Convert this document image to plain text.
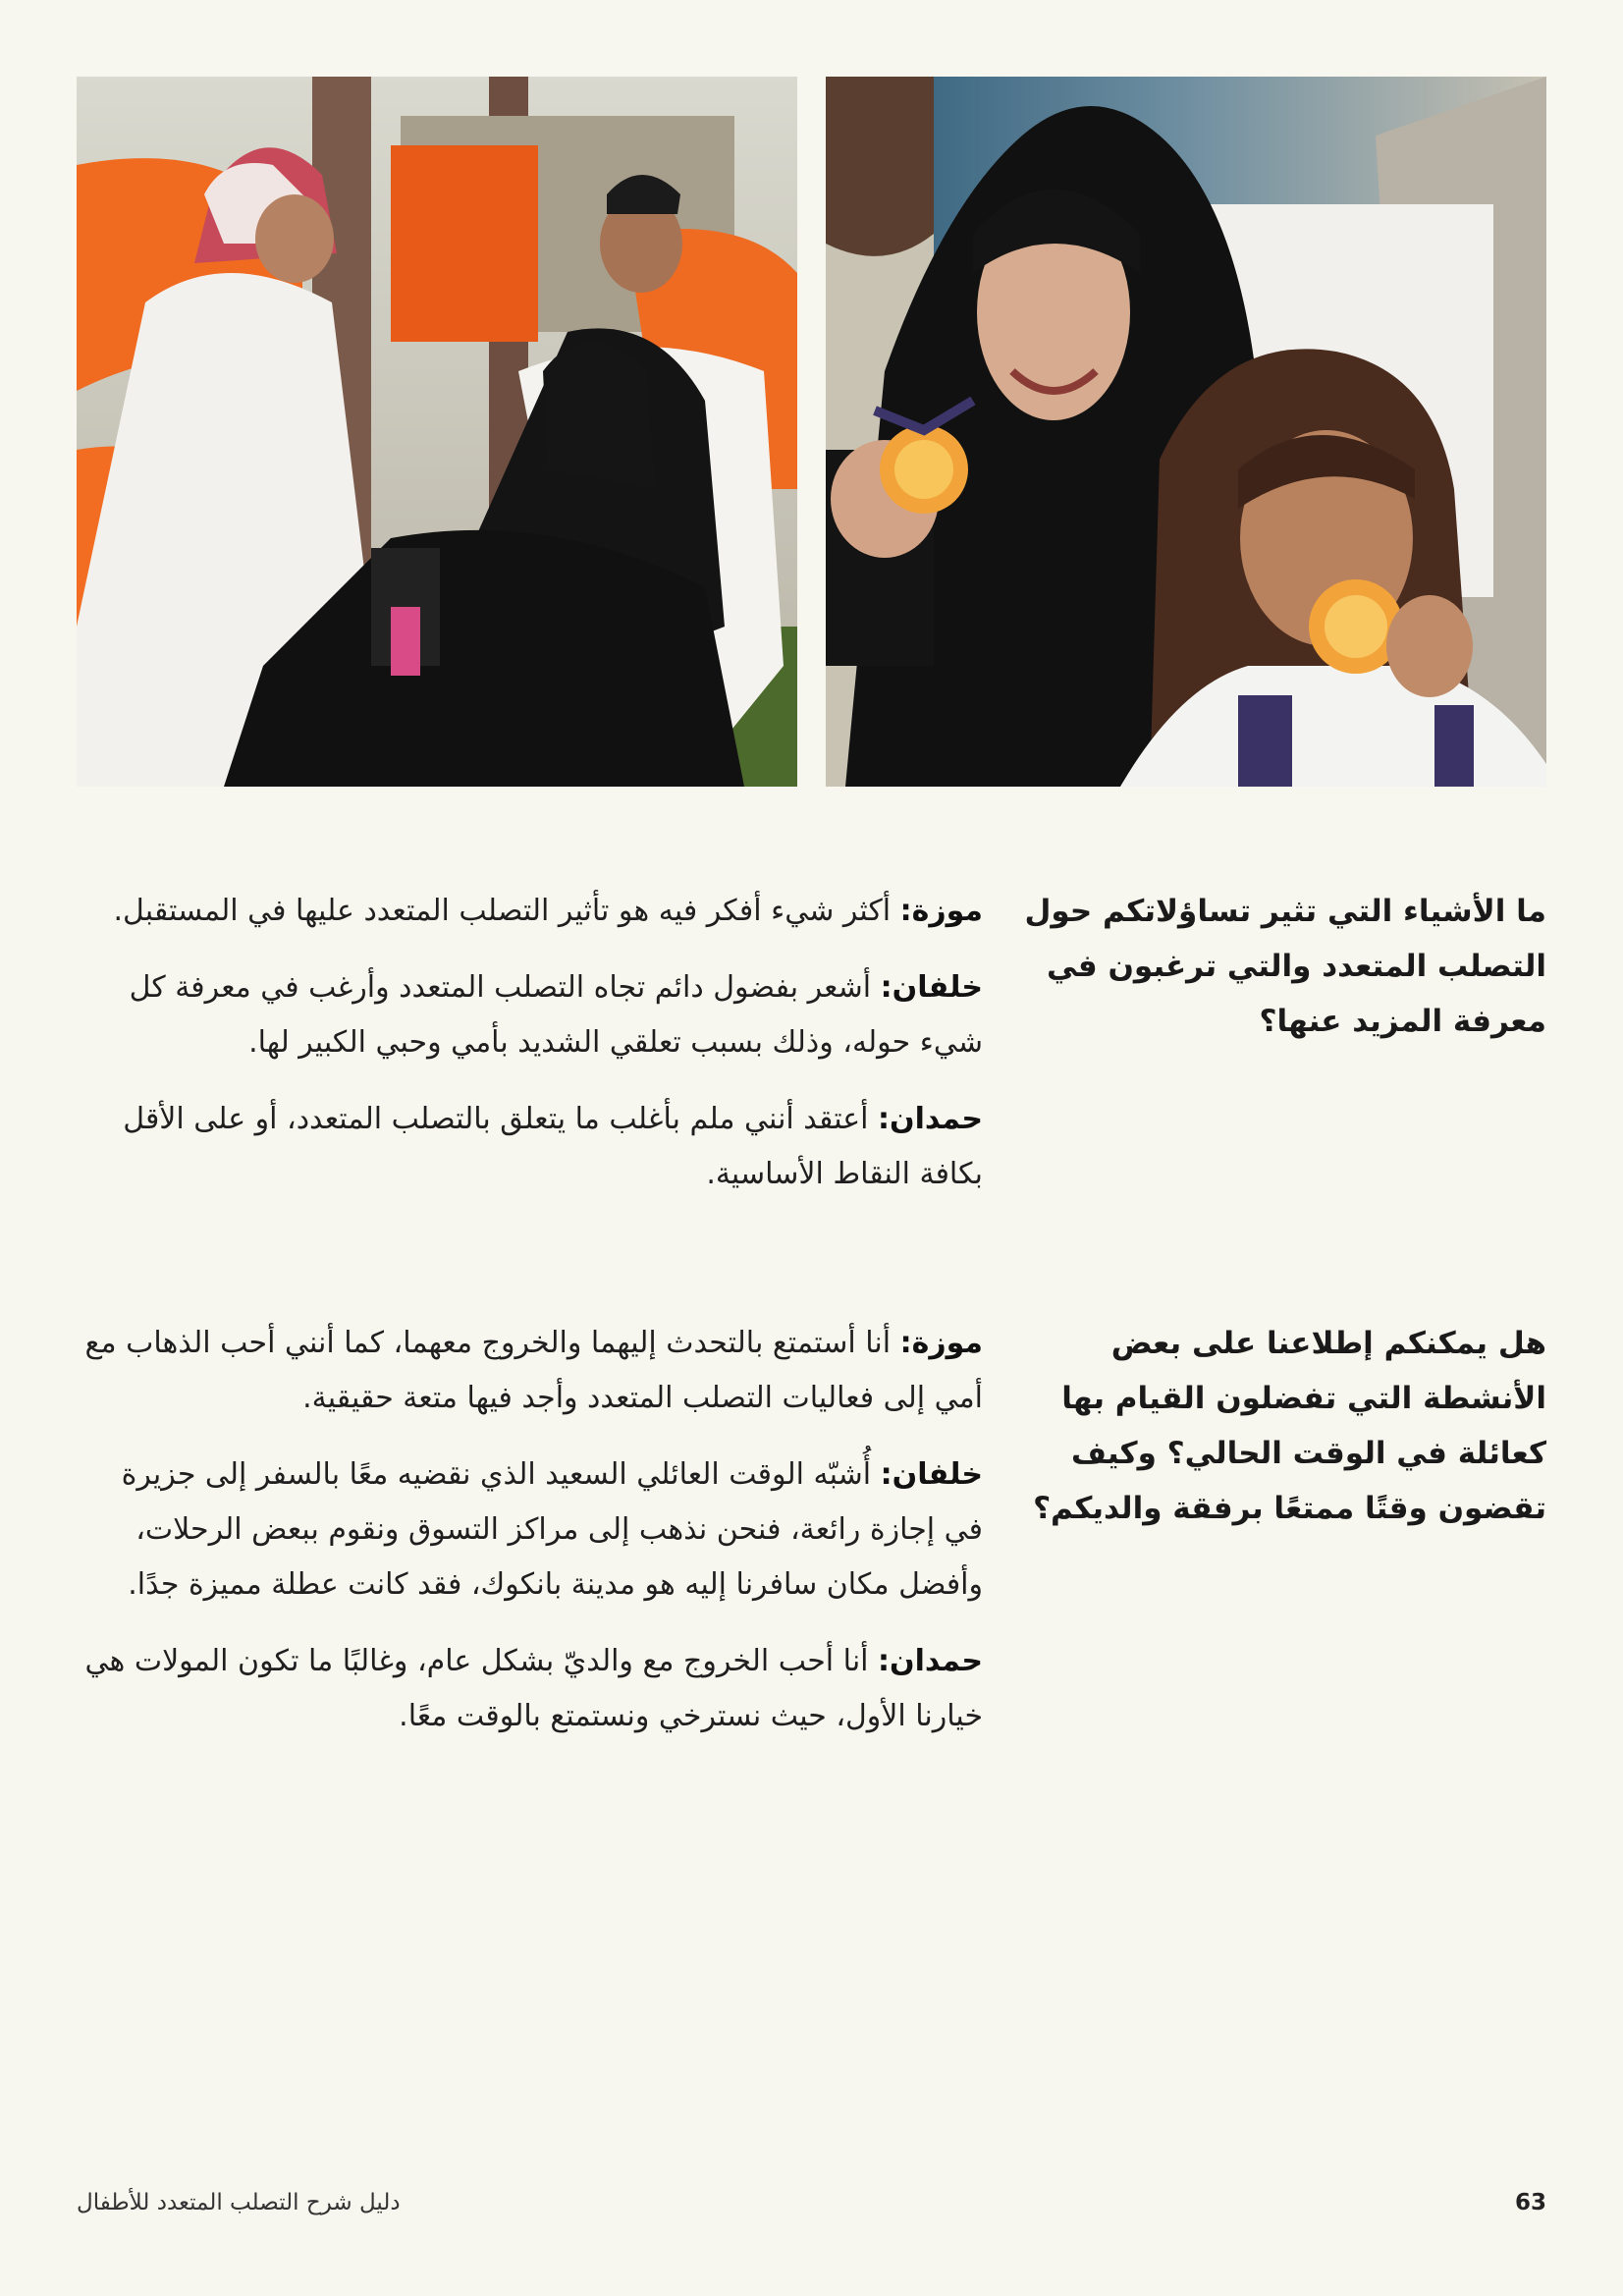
ما الأشياء التي تثير تساؤلاتكم حول التصلب المتعدد والتي ترغبون في معرفة المزيد عنها؟

موزة: أكثر شيء أفكر فيه هو تأثير التصلب المتعدد عليها في المستقبل.

خلفان: أشعر بفضول دائم تجاه التصلب المتعدد وأرغب في معرفة كل شيء حوله، وذلك بسبب تعلقي الشديد بأمي وحبي الكبير لها.

حمدان: أعتقد أنني ملم بأغلب ما يتعلق بالتصلب المتعدد، أو على الأقل بكافة النقاط الأساسية.

هل يمكنكم إطلاعنا على بعض الأنشطة التي تفضلون القيام بها كعائلة في الوقت الحالي؟ وكيف تقضون وقتًا ممتعًا برفقة والديكم؟

موزة: أنا أستمتع بالتحدث إليهما والخروج معهما، كما أنني أحب الذهاب مع أمي إلى فعاليات التصلب المتعدد وأجد فيها متعة حقيقية.

خلفان: أُشبّه الوقت العائلي السعيد الذي نقضيه معًا بالسفر إلى جزيرة في إجازة رائعة، فنحن نذهب إلى مراكز التسوق ونقوم ببعض الرحلات، وأفضل مكان سافرنا إليه هو مدينة بانكوك، فقد كانت عطلة مميزة جدًا.

حمدان: أنا أحب الخروج مع والديّ بشكل عام، وغالبًا ما تكون المولات هي خيارنا الأول، حيث نسترخي ونستمتع بالوقت معًا.

دليل شرح التصلب المتعدد للأطفال	63
